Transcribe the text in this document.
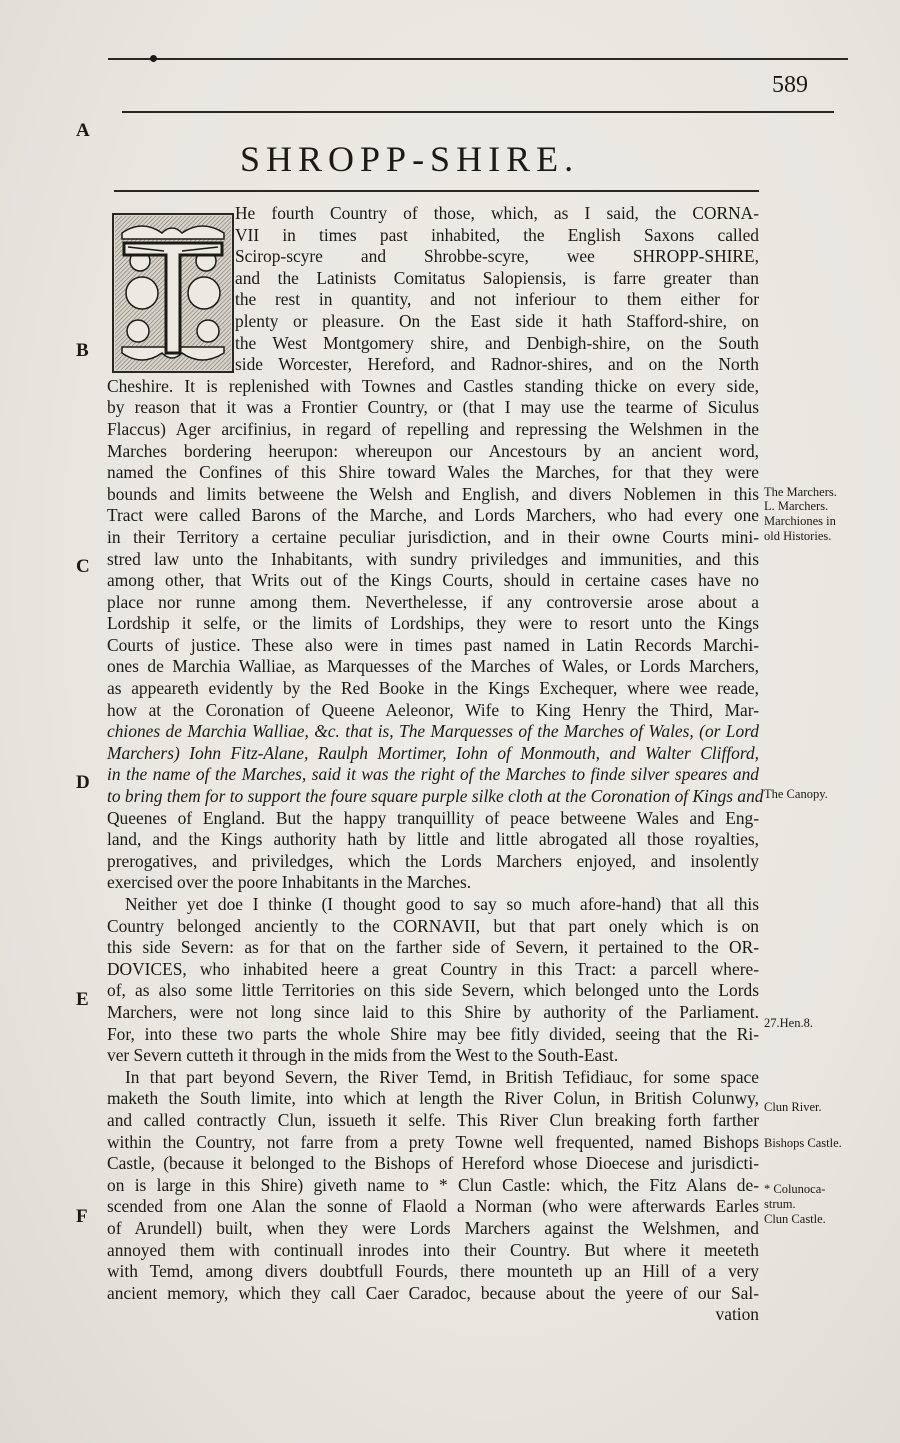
589
A
B
C
D
E
F
SHROPP-SHIRE.
He fourth Country of those, which, as I said, the CORNA-
VII in times past inhabited, the English Saxons called
Scirop-scyre and Shrobbe-scyre, wee SHROPP-SHIRE,
and the Latinists Comitatus Salopiensis, is farre greater than
the rest in quantity, and not inferiour to them either for
plenty or pleasure. On the East side it hath Stafford-shire, on
the West Montgomery shire, and Denbigh-shire, on the South
side Worcester, Hereford, and Radnor-shires, and on the North
Cheshire. It is replenished with Townes and Castles standing thicke on every side,
by reason that it was a Frontier Country, or (that I may use the tearme of Siculus
Flaccus) Ager arcifinius, in regard of repelling and repressing the Welshmen in the
Marches bordering heerupon: whereupon our Ancestours by an ancient word,
named the Confines of this Shire toward Wales the Marches, for that they were
bounds and limits betweene the Welsh and English, and divers Noblemen in this
Tract were called Barons of the Marche, and Lords Marchers, who had every one
in their Territory a certaine peculiar jurisdiction, and in their owne Courts mini-
stred law unto the Inhabitants, with sundry priviledges and immunities, and this
among other, that Writs out of the Kings Courts, should in certaine cases have no
place nor runne among them. Neverthelesse, if any controversie arose about a
Lordship it selfe, or the limits of Lordships, they were to resort unto the Kings
Courts of justice. These also were in times past named in Latin Records Marchi-
ones de Marchia Walliae, as Marquesses of the Marches of Wales, or Lords Marchers,
as appeareth evidently by the Red Booke in the Kings Exchequer, where wee reade,
how at the Coronation of Queene Aeleonor, Wife to King Henry the Third, Mar-
chiones de Marchia Walliae, &c. that is, The Marquesses of the Marches of Wales, (or Lord
Marchers) Iohn Fitz-Alane, Raulph Mortimer, Iohn of Monmouth, and Walter Clifford,
in the name of the Marches, said it was the right of the Marches to finde silver speares and
to bring them for to support the foure square purple silke cloth at the Coronation of Kings and
Queenes of England. But the happy tranquillity of peace betweene Wales and Eng-
land, and the Kings authority hath by little and little abrogated all those royalties,
prerogatives, and priviledges, which the Lords Marchers enjoyed, and insolently
exercised over the poore Inhabitants in the Marches.
Neither yet doe I thinke (I thought good to say so much afore-hand) that all this
Country belonged anciently to the CORNAVII, but that part onely which is on
this side Severn: as for that on the farther side of Severn, it pertained to the OR-
DOVICES, who inhabited heere a great Country in this Tract: a parcell where-
of, as also some little Territories on this side Severn, which belonged unto the Lords
Marchers, were not long since laid to this Shire by authority of the Parliament.
For, into these two parts the whole Shire may bee fitly divided, seeing that the Ri-
ver Severn cutteth it through in the mids from the West to the South-East.
In that part beyond Severn, the River Temd, in British Tefidiauc, for some space
maketh the South limite, into which at length the River Colun, in British Colunwy,
and called contractly Clun, issueth it selfe. This River Clun breaking forth farther
within the Country, not farre from a prety Towne well frequented, named Bishops
Castle, (because it belonged to the Bishops of Hereford whose Dioecese and jurisdicti-
on is large in this Shire) giveth name to * Clun Castle: which, the Fitz Alans de-
scended from one Alan the sonne of Flaold a Norman (who were afterwards Earles
of Arundell) built, when they were Lords Marchers against the Welshmen, and
annoyed them with continuall inrodes into their Country. But where it meeteth
with Temd, among divers doubtfull Fourds, there mounteth up an Hill of a very
ancient memory, which they call Caer Caradoc, because about the yeere of our Sal-
vation
The Marchers.
L. Marchers.
Marchiones in
old Histories.
The Canopy.
27.Hen.8.
Clun River.
Bishops Castle.
* Colunoca-
strum.
Clun Castle.
